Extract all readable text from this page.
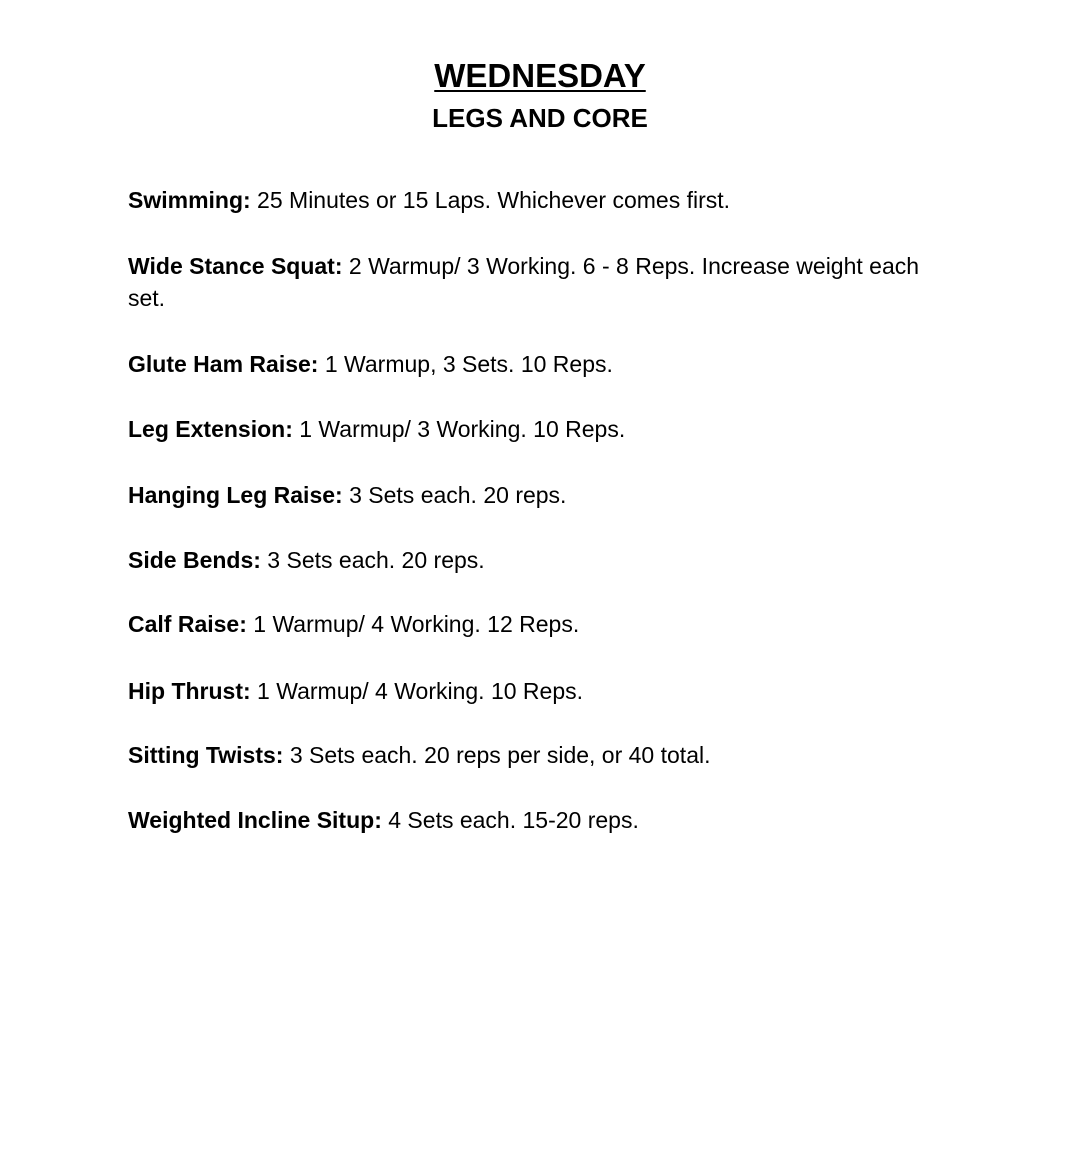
WEDNESDAY
LEGS AND CORE

Swimming: 25 Minutes or 15 Laps. Whichever comes first.

Wide Stance Squat: 2 Warmup/ 3 Working. 6 - 8 Reps. Increase weight each set.

Glute Ham Raise: 1 Warmup, 3 Sets. 10 Reps.

Leg Extension: 1 Warmup/ 3 Working. 10 Reps.

Hanging Leg Raise: 3 Sets each. 20 reps.

Side Bends: 3 Sets each. 20 reps.

Calf Raise: 1 Warmup/ 4 Working. 12 Reps.

Hip Thrust: 1 Warmup/ 4 Working. 10 Reps.

Sitting Twists: 3 Sets each. 20 reps per side, or 40 total.

Weighted Incline Situp: 4 Sets each. 15-20 reps.
